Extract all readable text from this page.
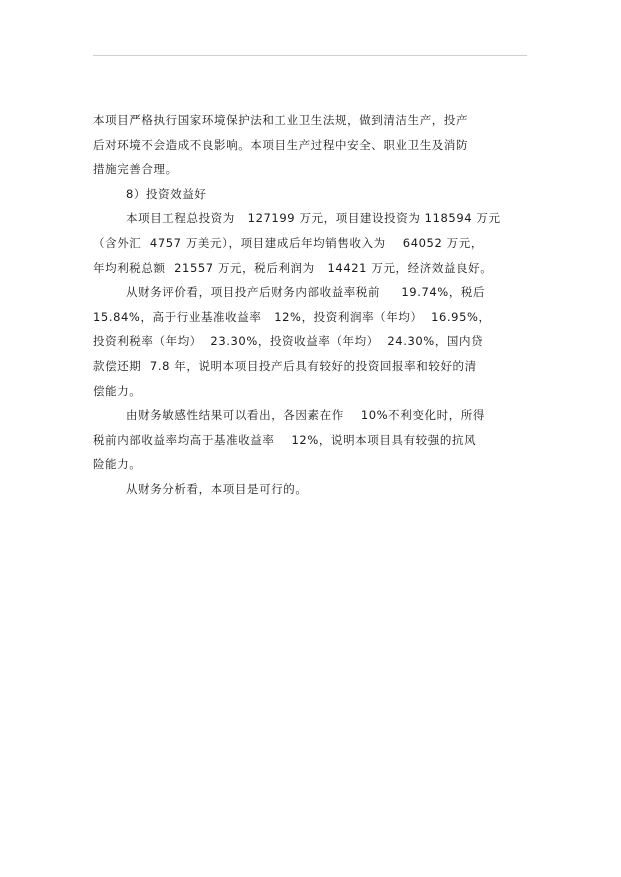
本项目严格执行国家环境保护法和工业卫生法规，做到清洁生产，投产
后对环境不会造成不良影响。本项目生产过程中安全、职业卫生及消防
措施完善合理。
8）投资效益好
本项目工程总投资为   127199 万元，项目建设投资为 118594 万元
（含外汇  4757 万美元），项目建成后年均销售收入为    64052 万元，
年均利税总额  21557 万元，税后利润为   14421 万元，经济效益良好。
从财务评价看，项目投产后财务内部收益率税前     19.74%，税后
15.84%，高于行业基准收益率   12%，投资利润率（年均）  16.95%，
投资利税率（年均）  23.30%，投资收益率（年均）  24.30%，国内贷
款偿还期  7.8 年，说明本项目投产后具有较好的投资回报率和较好的清
偿能力。
由财务敏感性结果可以看出，各因素在作    10%不利变化时，所得
税前内部收益率均高于基准收益率    12%，说明本项目具有较强的抗风
险能力。
从财务分析看，本项目是可行的。
